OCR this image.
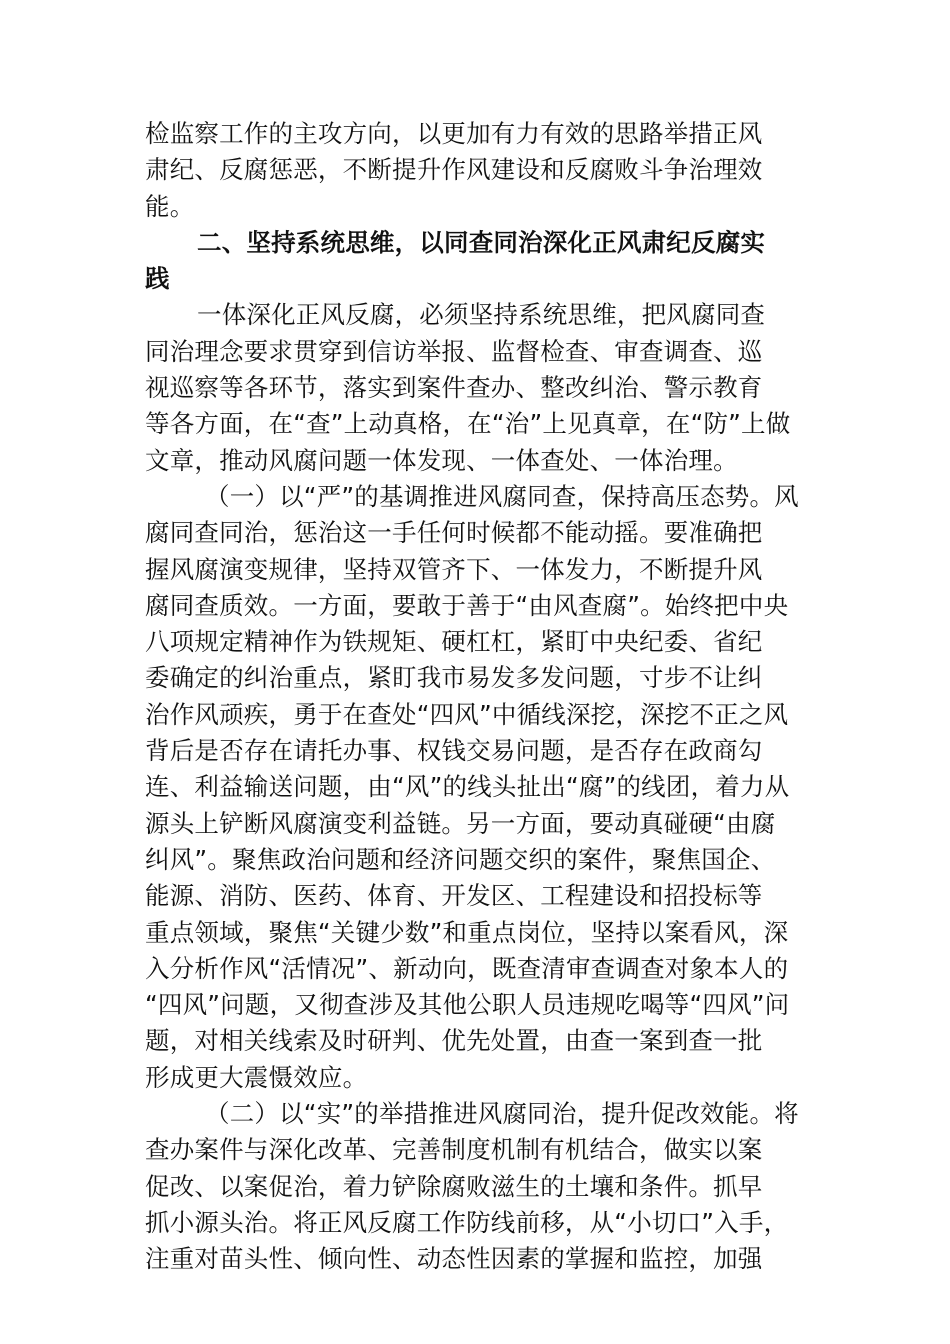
检监察工作的主攻方向，以更加有力有效的思路举措正风
肃纪、反腐惩恶，不断提升作风建设和反腐败斗争治理效
能。
二、坚持系统思维，以同查同治深化正风肃纪反腐实
践
一体深化正风反腐，必须坚持系统思维，把风腐同查
同治理念要求贯穿到信访举报、监督检查、审查调查、巡
视巡察等各环节，落实到案件查办、整改纠治、警示教育
等各方面，在“查”上动真格，在“治”上见真章，在“防”上做
文章，推动风腐问题一体发现、一体查处、一体治理。
（一）以“严”的基调推进风腐同查，保持高压态势。风
腐同查同治，惩治这一手任何时候都不能动摇。要准确把
握风腐演变规律，坚持双管齐下、一体发力，不断提升风
腐同查质效。一方面，要敢于善于“由风查腐”。始终把中央
八项规定精神作为铁规矩、硬杠杠，紧盯中央纪委、省纪
委确定的纠治重点，紧盯我市易发多发问题，寸步不让纠
治作风顽疾，勇于在查处“四风”中循线深挖，深挖不正之风
背后是否存在请托办事、权钱交易问题，是否存在政商勾
连、利益输送问题，由“风”的线头扯出“腐”的线团，着力从
源头上铲断风腐演变利益链。另一方面，要动真碰硬“由腐
纠风”。聚焦政治问题和经济问题交织的案件，聚焦国企、
能源、消防、医药、体育、开发区、工程建设和招投标等
重点领域，聚焦“关键少数”和重点岗位，坚持以案看风，深
入分析作风“活情况”、新动向，既查清审查调查对象本人的
“四风”问题，又彻查涉及其他公职人员违规吃喝等“四风”问
题，对相关线索及时研判、优先处置，由查一案到查一批
形成更大震慑效应。
（二）以“实”的举措推进风腐同治，提升促改效能。将
查办案件与深化改革、完善制度机制有机结合，做实以案
促改、以案促治，着力铲除腐败滋生的土壤和条件。抓早
抓小源头治。将正风反腐工作防线前移，从“小切口”入手，
注重对苗头性、倾向性、动态性因素的掌握和监控，加强
